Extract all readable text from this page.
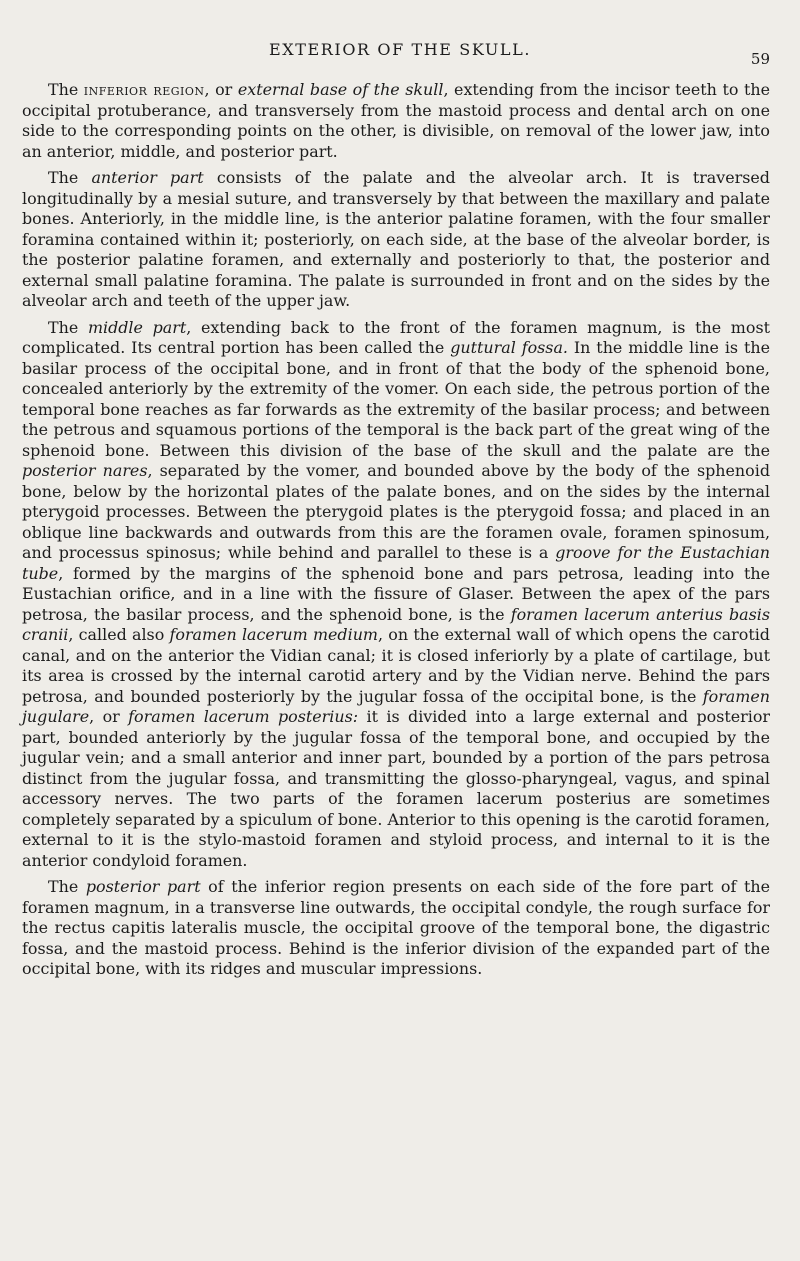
EXTERIOR OF THE SKULL.	59

The inferior region, or external base of the skull, extending from the incisor teeth to the occipital protuberance, and transversely from the mastoid process and dental arch on one side to the corresponding points on the other, is divisible, on removal of the lower jaw, into an anterior, middle, and posterior part.

The anterior part consists of the palate and the alveolar arch. It is traversed longitudinally by a mesial suture, and transversely by that between the maxillary and palate bones. Anteriorly, in the middle line, is the anterior palatine foramen, with the four smaller foramina contained within it; posteriorly, on each side, at the base of the alveolar border, is the posterior palatine foramen, and externally and posteriorly to that, the posterior and external small palatine foramina. The palate is surrounded in front and on the sides by the alveolar arch and teeth of the upper jaw.

The middle part, extending back to the front of the foramen magnum, is the most complicated. Its central portion has been called the guttural fossa. In the middle line is the basilar process of the occipital bone, and in front of that the body of the sphenoid bone, concealed anteriorly by the extremity of the vomer. On each side, the petrous portion of the temporal bone reaches as far forwards as the extremity of the basilar process; and between the petrous and squamous portions of the temporal is the back part of the great wing of the sphenoid bone. Between this division of the base of the skull and the palate are the posterior nares, separated by the vomer, and bounded above by the body of the sphenoid bone, below by the horizontal plates of the palate bones, and on the sides by the internal pterygoid processes. Between the pterygoid plates is the pterygoid fossa; and placed in an oblique line backwards and outwards from this are the foramen ovale, foramen spinosum, and processus spinosus; while behind and parallel to these is a groove for the Eustachian tube, formed by the margins of the sphenoid bone and pars petrosa, leading into the Eustachian orifice, and in a line with the fissure of Glaser. Between the apex of the pars petrosa, the basilar process, and the sphenoid bone, is the foramen lacerum anterius basis cranii, called also foramen lacerum medium, on the external wall of which opens the carotid canal, and on the anterior the Vidian canal; it is closed inferiorly by a plate of cartilage, but its area is crossed by the internal carotid artery and by the Vidian nerve. Behind the pars petrosa, and bounded posteriorly by the jugular fossa of the occipital bone, is the foramen jugulare, or foramen lacerum posterius: it is divided into a large external and posterior part, bounded anteriorly by the jugular fossa of the temporal bone, and occupied by the jugular vein; and a small anterior and inner part, bounded by a portion of the pars petrosa distinct from the jugular fossa, and transmitting the glosso-pharyngeal, vagus, and spinal accessory nerves. The two parts of the foramen lacerum posterius are sometimes completely separated by a spiculum of bone. Anterior to this opening is the carotid foramen, external to it is the stylo-mastoid foramen and styloid process, and internal to it is the anterior condyloid foramen.

The posterior part of the inferior region presents on each side of the fore part of the foramen magnum, in a transverse line outwards, the occipital condyle, the rough surface for the rectus capitis lateralis muscle, the occipital groove of the temporal bone, the digastric fossa, and the mastoid process. Behind is the inferior division of the expanded part of the occipital bone, with its ridges and muscular impressions.
